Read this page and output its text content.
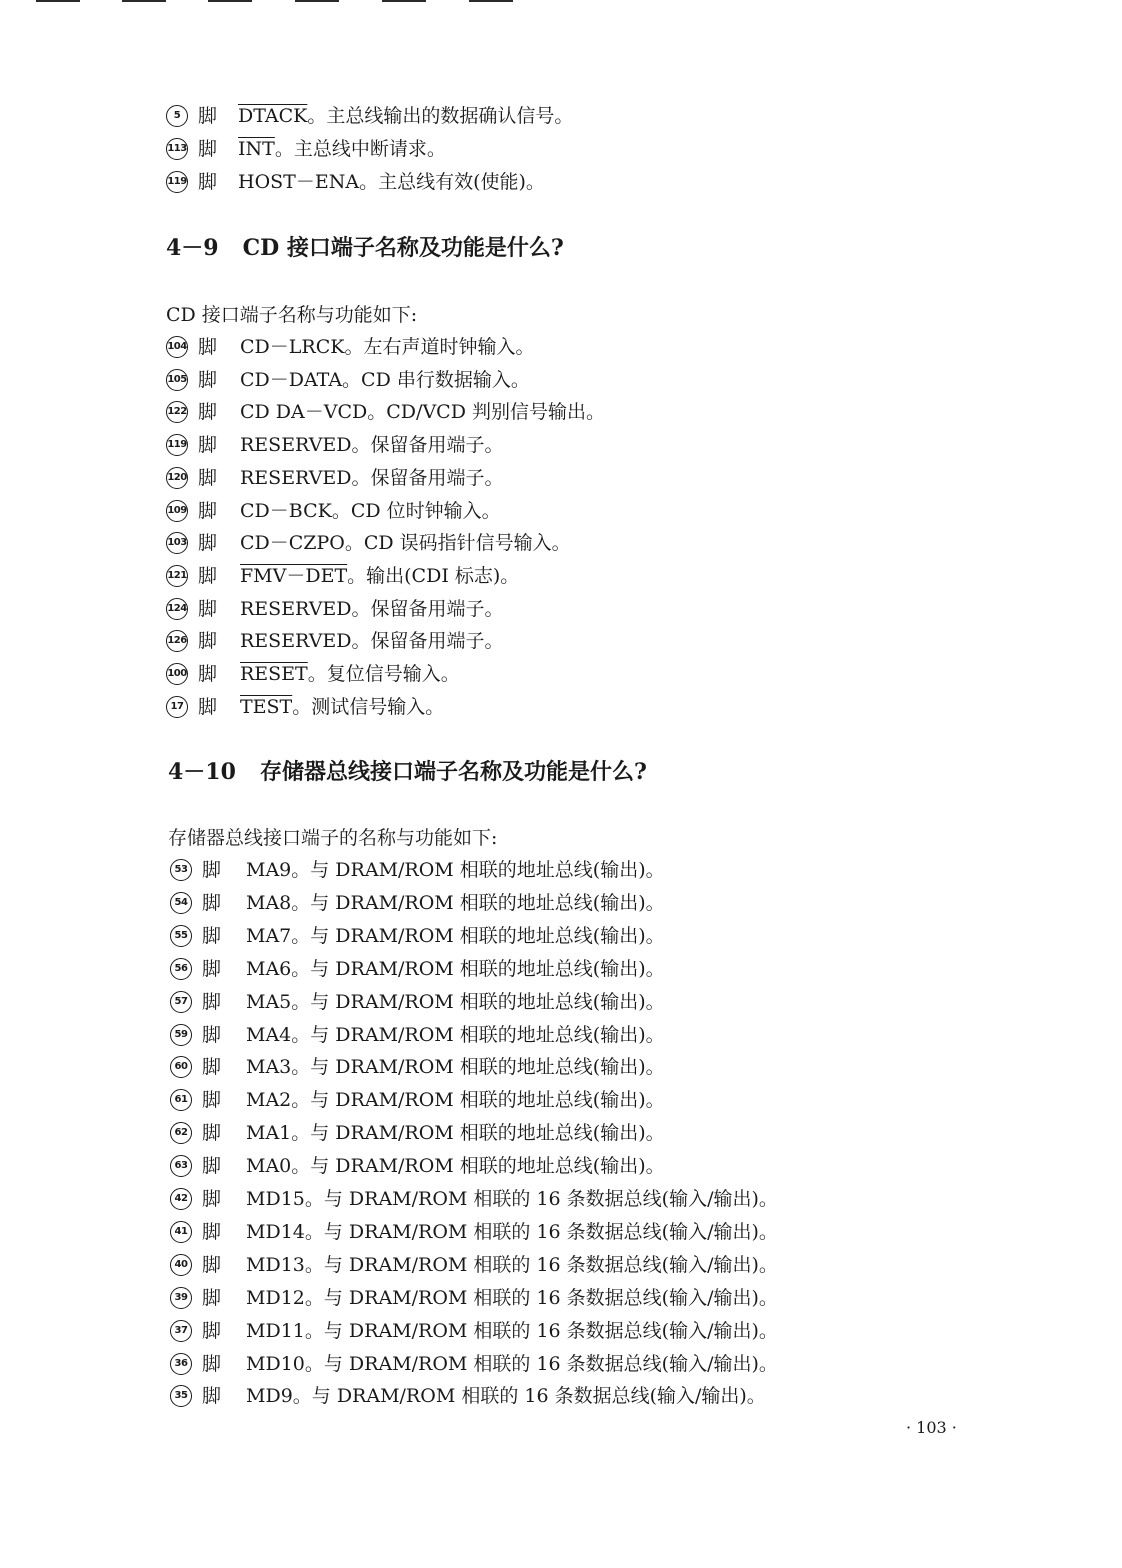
5 脚	DTACK 。主总线输出的数据确认信号。
113 脚	$\overline{INT}$ 。主总线中断请求。
119 脚	HOST－ENA 。主总线有效(使能)。
4－9 CD 接口端子名称及功能是什么?
CD 接口端子名称与功能如下:
104 脚	CD－LRCK 。左右声道时钟输入。
105 脚	CD－DATA 。CD 串行数据输入。
122 脚	CD DA－VCD 。CD/VCD 判别信号输出。
119 脚	RESERVED 。保留备用端子。
120 脚	RESERVED 。保留备用端子。
109 脚	CD－BCK 。CD 位时钟输入。
103 脚	CD－CZPO 。CD 误码指针信号输入。
121 脚	FMV－DET 。输出(CDI 标志)。
124 脚	RESERVED 。保留备用端子。
126 脚	RESERVED 。保留备用端子。
100 脚	RESET 。复位信号输入。
17 脚	TEST 。测试信号输入。
4－10 存储器总线接口端子名称及功能是什么?
存储器总线接口端子的名称与功能如下:
53 脚	MA9 。与 DRAM/ROM 相联的地址总线(输出)。
54 脚	MA8 。与 DRAM/ROM 相联的地址总线(输出)。
55 脚	MA7 。与 DRAM/ROM 相联的地址总线(输出)。
56 脚	MA6 。与 DRAM/ROM 相联的地址总线(输出)。
57 脚	MA5 。与 DRAM/ROM 相联的地址总线(输出)。
59 脚	MA4 。与 DRAM/ROM 相联的地址总线(输出)。
60 脚	MA3 。与 DRAM/ROM 相联的地址总线(输出)。
61 脚	MA2 。与 DRAM/ROM 相联的地址总线(输出)。
62 脚	MA1 。与 DRAM/ROM 相联的地址总线(输出)。
63 脚	MA0 。与 DRAM/ROM 相联的地址总线(输出)。
42 脚	MD15 。与 DRAM/ROM 相联的 16 条数据总线(输入/输出)。
41 脚	MD14 。与 DRAM/ROM 相联的 16 条数据总线(输入/输出)。
40 脚	MD13 。与 DRAM/ROM 相联的 16 条数据总线(输入/输出)。
39 脚	MD12 。与 DRAM/ROM 相联的 16 条数据总线(输入/输出)。
37 脚	MD11 。与 DRAM/ROM 相联的 16 条数据总线(输入/输出)。
36 脚	MD10 。与 DRAM/ROM 相联的 16 条数据总线(输入/输出)。
35 脚	MD9 。与 DRAM/ROM 相联的 16 条数据总线(输入/输出)。
· 103 ·
